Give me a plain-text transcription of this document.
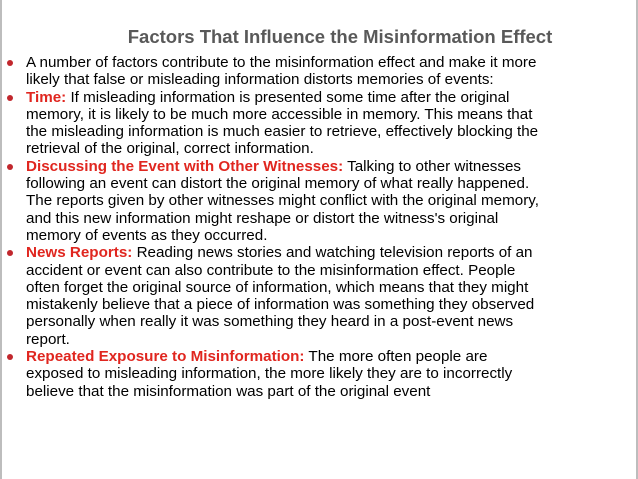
Factors That Influence the Misinformation Effect
A number of factors contribute to the misinformation effect and make it more
likely that false or misleading information distorts memories of events:
Time: If misleading information is presented some time after the original
memory, it is likely to be much more accessible in memory. This means that
the misleading information is much easier to retrieve, effectively blocking the
retrieval of the original, correct information.
Discussing the Event with Other Witnesses: Talking to other witnesses
following an event can distort the original memory of what really happened.
The reports given by other witnesses might conflict with the original memory,
and this new information might reshape or distort the witness's original
memory of events as they occurred.
News Reports: Reading news stories and watching television reports of an
accident or event can also contribute to the misinformation effect. People
often forget the original source of information, which means that they might
mistakenly believe that a piece of information was something they observed
personally when really it was something they heard in a post-event news
report.
Repeated Exposure to Misinformation: The more often people are
exposed to misleading information, the more likely they are to incorrectly
believe that the misinformation was part of the original event
